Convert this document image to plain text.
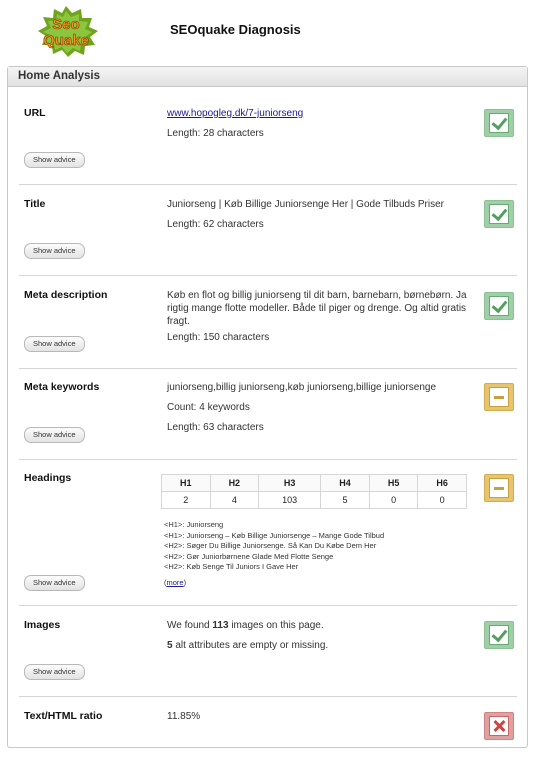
Seo
Quake
SEOquake Diagnosis
Home Analysis
URL	www.hopogleg.dk/7-juniorseng
Length: 28 characters
Show advice
Title	Juniorseng | Køb Billige Juniorsenge Her | Gode Tilbuds Priser
Length: 62 characters
Show advice
Meta description	Køb en flot og billig juniorseng til dit barn, barnebarn, børnebørn. Ja rigtig mange flotte modeller. Både til piger og drenge. Og altid gratis fragt.
Length: 150 characters
Show advice
Meta keywords	juniorseng,billig juniorseng,køb juniorseng,billige juniorsenge
Count: 4 keywords
Length: 63 characters
Show advice
Headings	H1	H2	H3	H4	H5	H6
2	4	103	5	0	0
<H1>: Juniorseng
<H1>: Juniorseng – Køb Billige Juniorsenge – Mange Gode Tilbud
<H2>: Søger Du Billige Juniorsenge. Så Kan Du Købe Dem Her
<H2>: Gør Juniorbørnene Glade Med Flotte Senge
<H2>: Køb Senge Til Juniors I Gave Her
(more)
Show advice
Images	We found 113 images on this page.
5 alt attributes are empty or missing.
Show advice
Text/HTML ratio	11.85%
